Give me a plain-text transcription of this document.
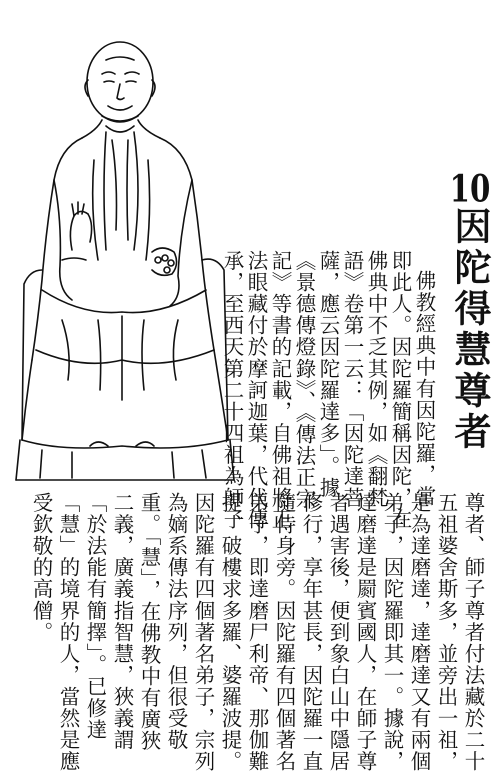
10因陀得慧尊者
佛教經典中有因陀羅，當
即此人。因陀羅簡稱因陀，在
佛典中不乏其例，如《翻梵
語》卷第一云：「因陀達菩
薩，應云因陀羅達多」。據
《景德傳燈錄》、《傳法正宗
記》等書的記載，自佛祖將正
法眼藏付於摩訶迦葉，代代傳
承，至西天第二十四祖為師子
尊者、師子尊者付法藏於二十
五祖婆舍斯多，並旁出一祖，
是為達磨達，達磨達又有兩個
弟子，因陀羅即其一。據說，
達磨達是罽賓國人，在師子尊
者遇害後，便到象白山中隱居
修行，享年甚長，因陀羅一直
隨侍身旁。因陀羅有四個著名
弟子，即達磨尸利帝、那伽難
提、破樓求多羅、婆羅波提。
因陀羅有四個著名弟子，宗列
為嫡系傳法序列，但很受敬
重。「慧」，在佛教中有廣狹
二義，廣義指智慧，狹義謂
「於法能有簡擇」。已修達
「慧」的境界的人，當然是應
受欽敬的高僧。
